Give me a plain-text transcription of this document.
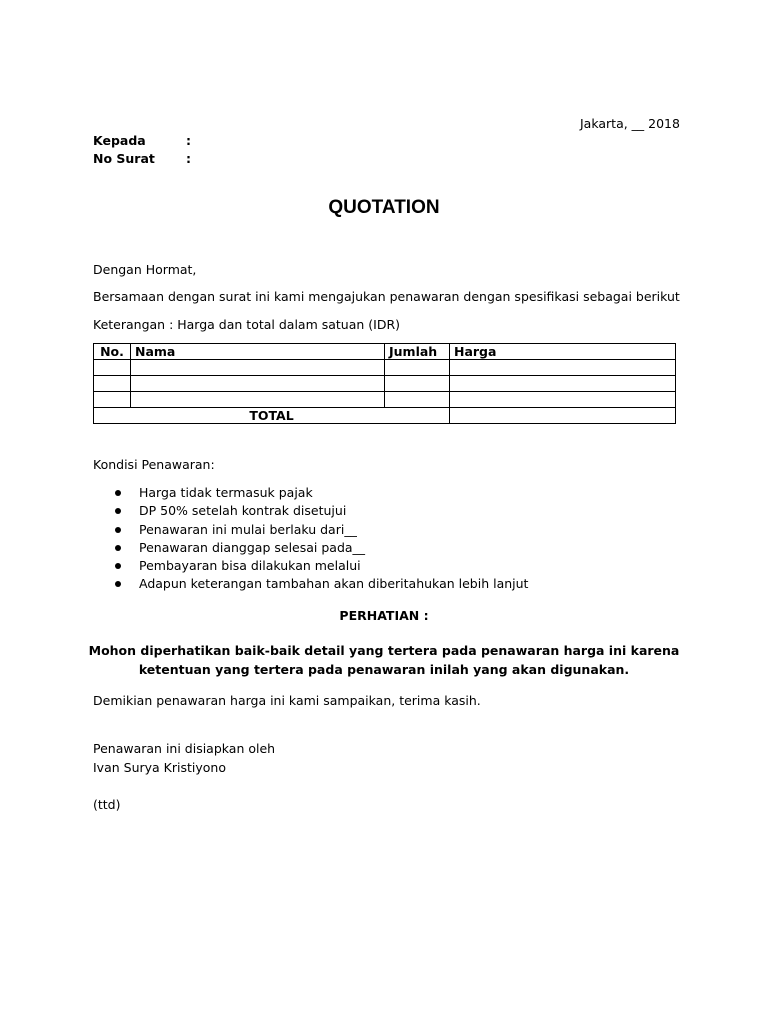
Jakarta, __ 2018
Kepada	:
No Surat :
QUOTATION
Dengan Hormat,
Bersamaan dengan surat ini kami mengajukan penawaran dengan spesifikasi sebagai berikut
Keterangan : Harga dan total dalam satuan (IDR)
No.	Nama	Jumlah	Harga

TOTAL			
Kondisi Penawaran:
Harga tidak termasuk pajak
DP 50% setelah kontrak disetujui
Penawaran ini mulai berlaku dari__
Penawaran dianggap selesai pada__
Pembayaran bisa dilakukan melalui
Adapun keterangan tambahan akan diberitahukan lebih lanjut
PERHATIAN :
Mohon diperhatikan baik-baik detail yang tertera pada penawaran harga ini karena ketentuan yang tertera pada penawaran inilah yang akan digunakan.
Demikian penawaran harga ini kami sampaikan, terima kasih.
Penawaran ini disiapkan oleh
Ivan Surya Kristiyono
(ttd)
